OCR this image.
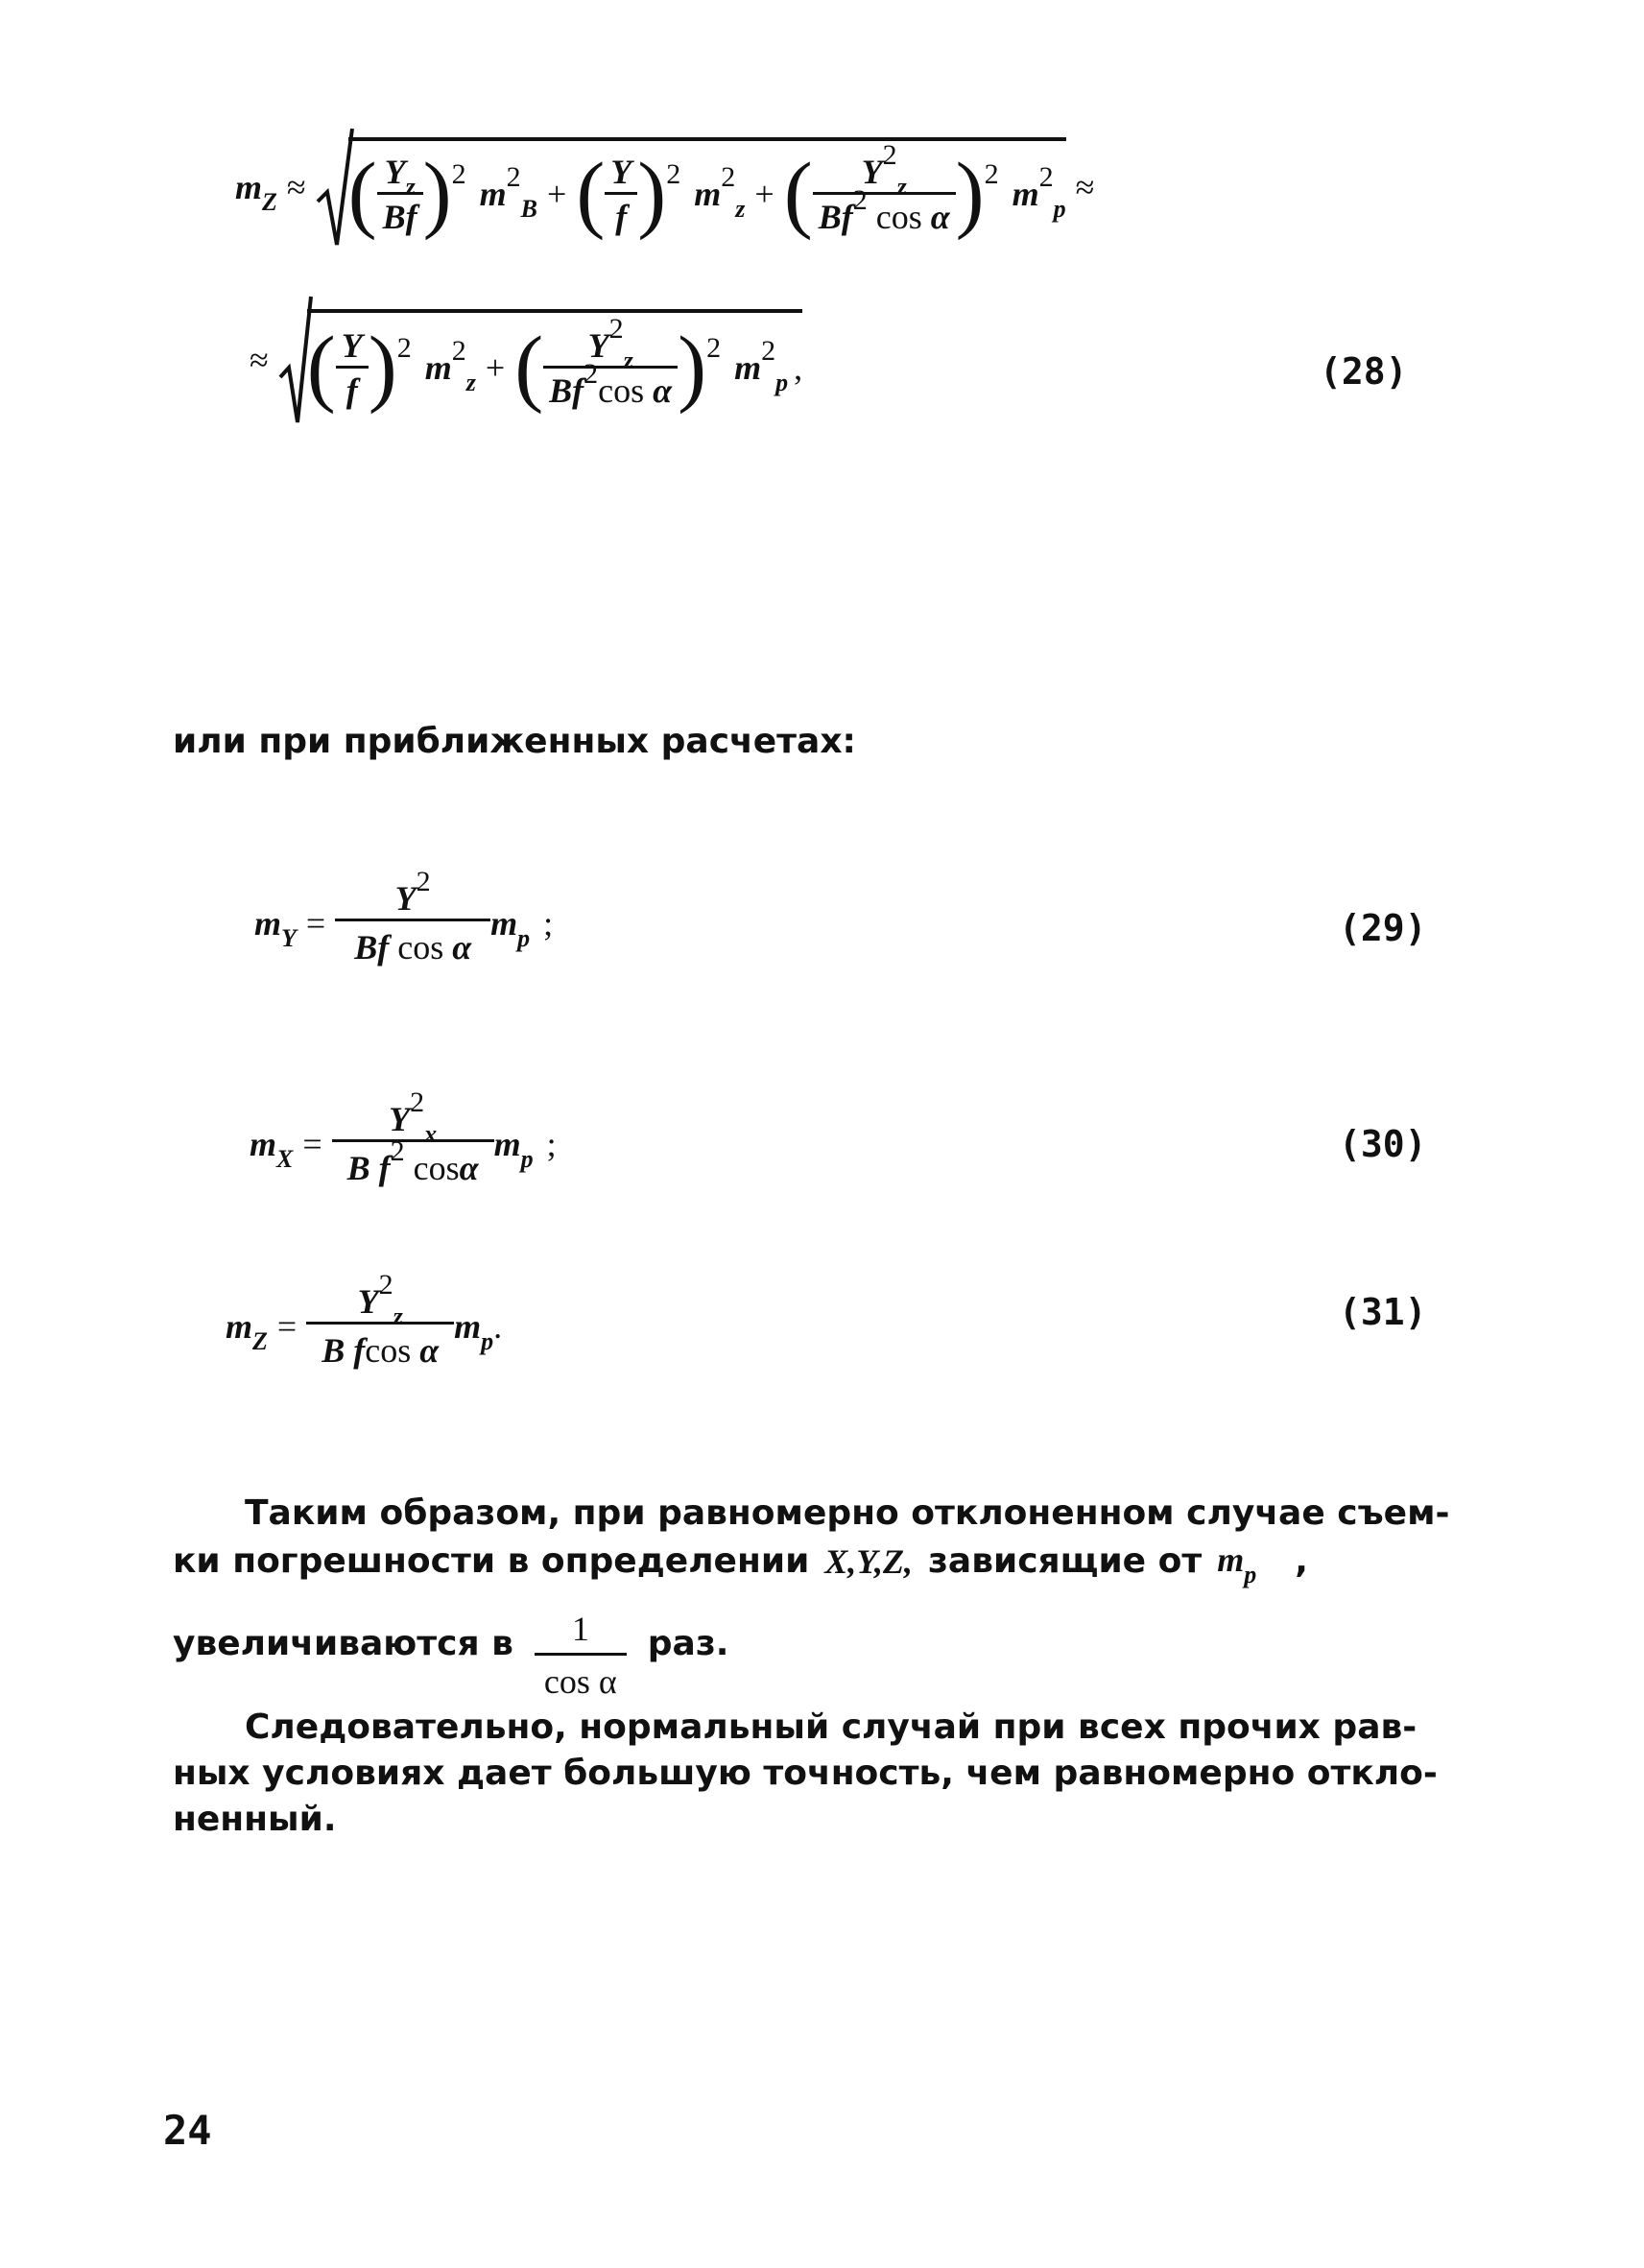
$m_Z$ ≈ ( $\frac{Y_z}{Bf}$ ) 2
$m^2_B$ + ( $\frac{Y}{f}$ ) 2
$m^2_z$ + ( $\frac{Y^2_z}{Bf^2 \cos \alpha}$ ) 2
$m^2_p$
≈
≈ ( $\frac{Y}{f}$ ) 2
$m^2_z$ + ( $\frac{Y^2_z}{Bf^2\cos \alpha}$ ) 2
$m^2_p$ ,	(28)
или при приближенных расчетах:
$m_Y = \frac{Y^2}{\text{Bf cos α}} m_p$ ;	(29)
$m_X = \frac{Y^2_x}{B f^2 \cos\alpha} m_p$ ;	(30)
$m_Z = \frac{Y^2_z}{\text{B fcos α}} m_p$ .	(31)
Таким образом, при равномерно отклоненном случае съем-
ки погрешности в определении X,Y,Z, зависящие от $m_p$ ,
увеличиваются в $\frac{1}{\text{cos α}}$ раз.
Следовательно, нормальный случай при всех прочих рав-
ных условиях дает большую точность, чем равномерно откло-
ненный.
24
